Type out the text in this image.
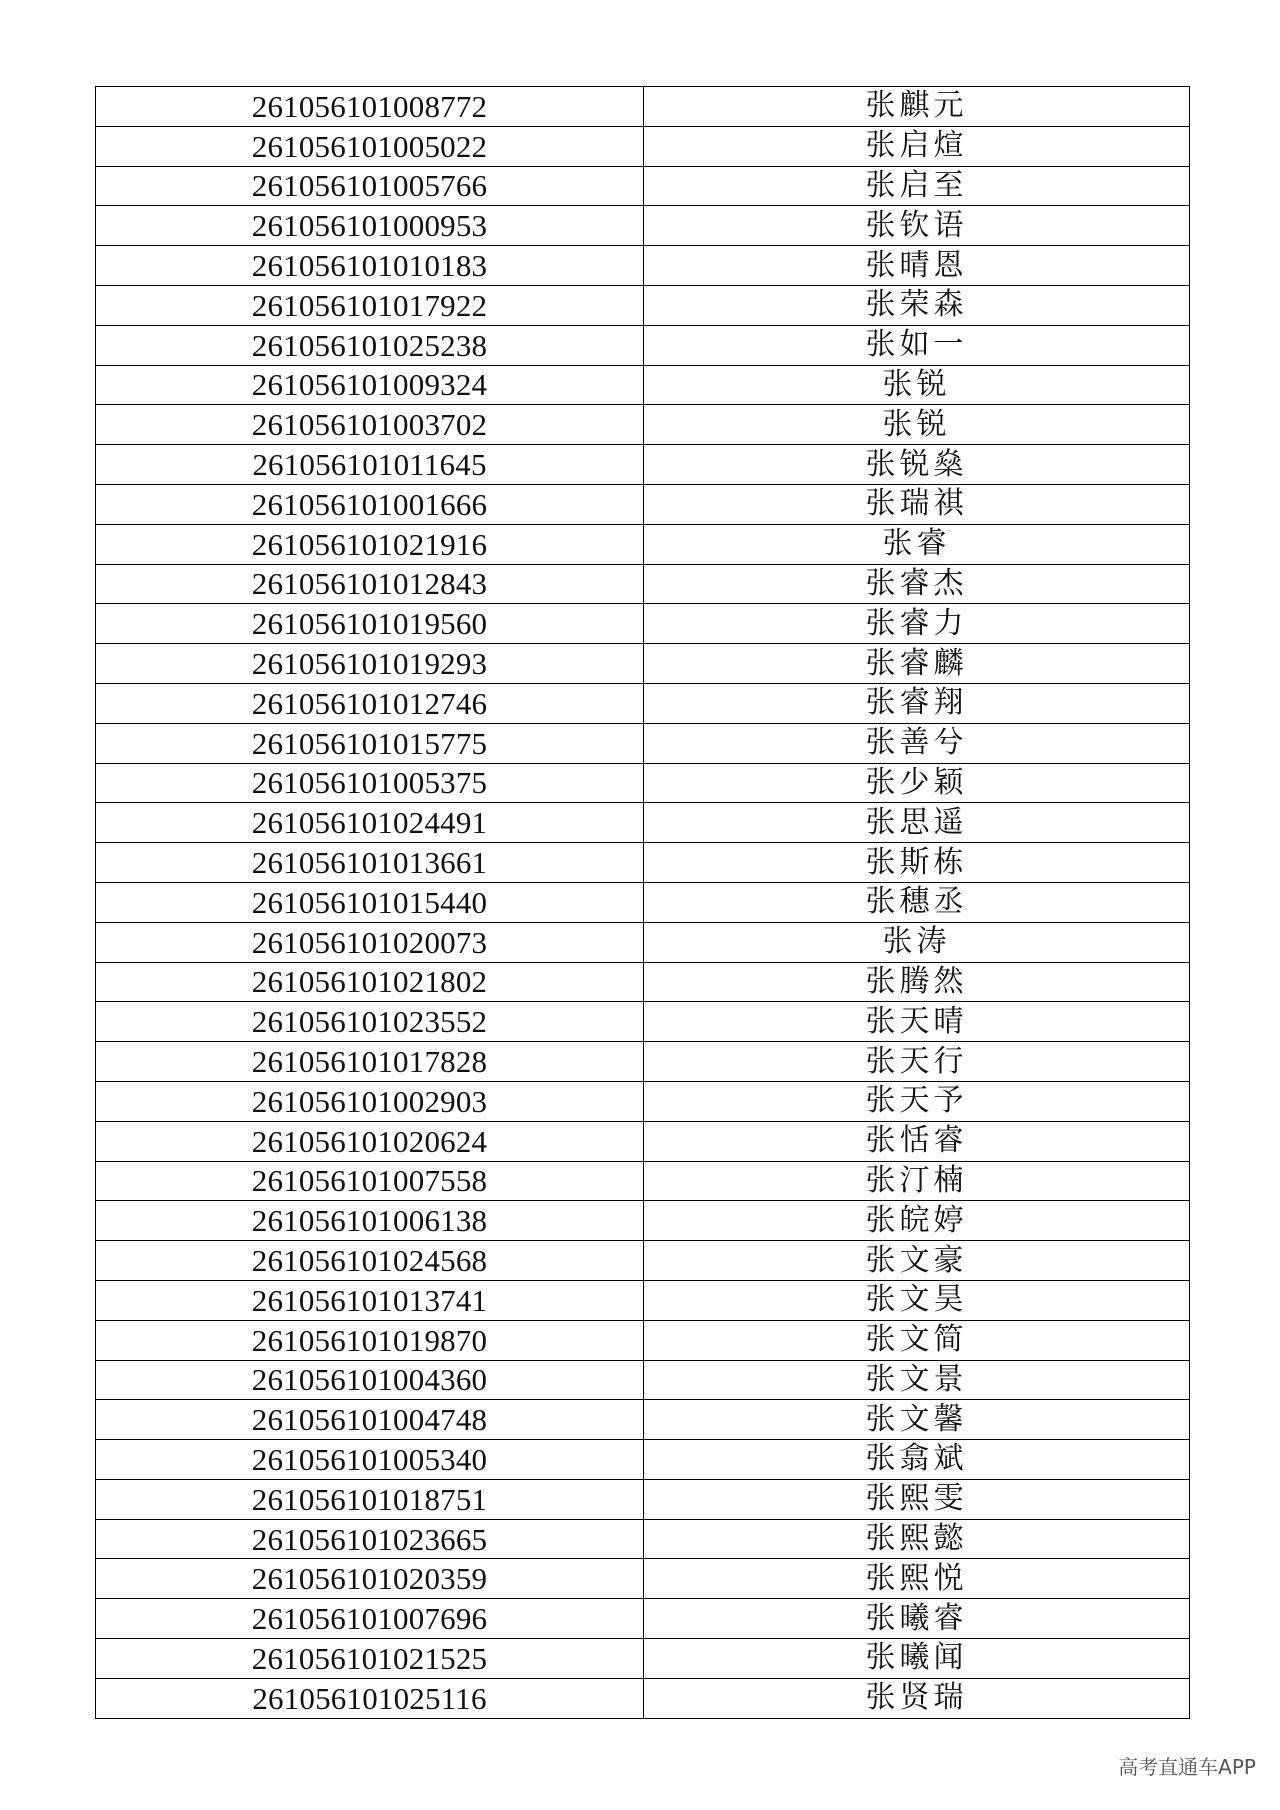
261056101008772	张麒元
261056101005022	张启煊
261056101005766	张启至
261056101000953	张钦语
261056101010183	张晴恩
261056101017922	张荣森
261056101025238	张如一
261056101009324	张锐
261056101003702	张锐
261056101011645	张锐燊
261056101001666	张瑞祺
261056101021916	张睿
261056101012843	张睿杰
261056101019560	张睿力
261056101019293	张睿麟
261056101012746	张睿翔
261056101015775	张善兮
261056101005375	张少颖
261056101024491	张思遥
261056101013661	张斯栋
261056101015440	张穗丞
261056101020073	张涛
261056101021802	张腾然
261056101023552	张天晴
261056101017828	张天行
261056101002903	张天予
261056101020624	张恬睿
261056101007558	张汀楠
261056101006138	张皖婷
261056101024568	张文豪
261056101013741	张文昊
261056101019870	张文简
261056101004360	张文景
261056101004748	张文馨
261056101005340	张翕斌
261056101018751	张熙雯
261056101023665	张熙懿
261056101020359	张熙悦
261056101007696	张曦睿
261056101021525	张曦闻
261056101025116	张贤瑞
高考直通车APP
